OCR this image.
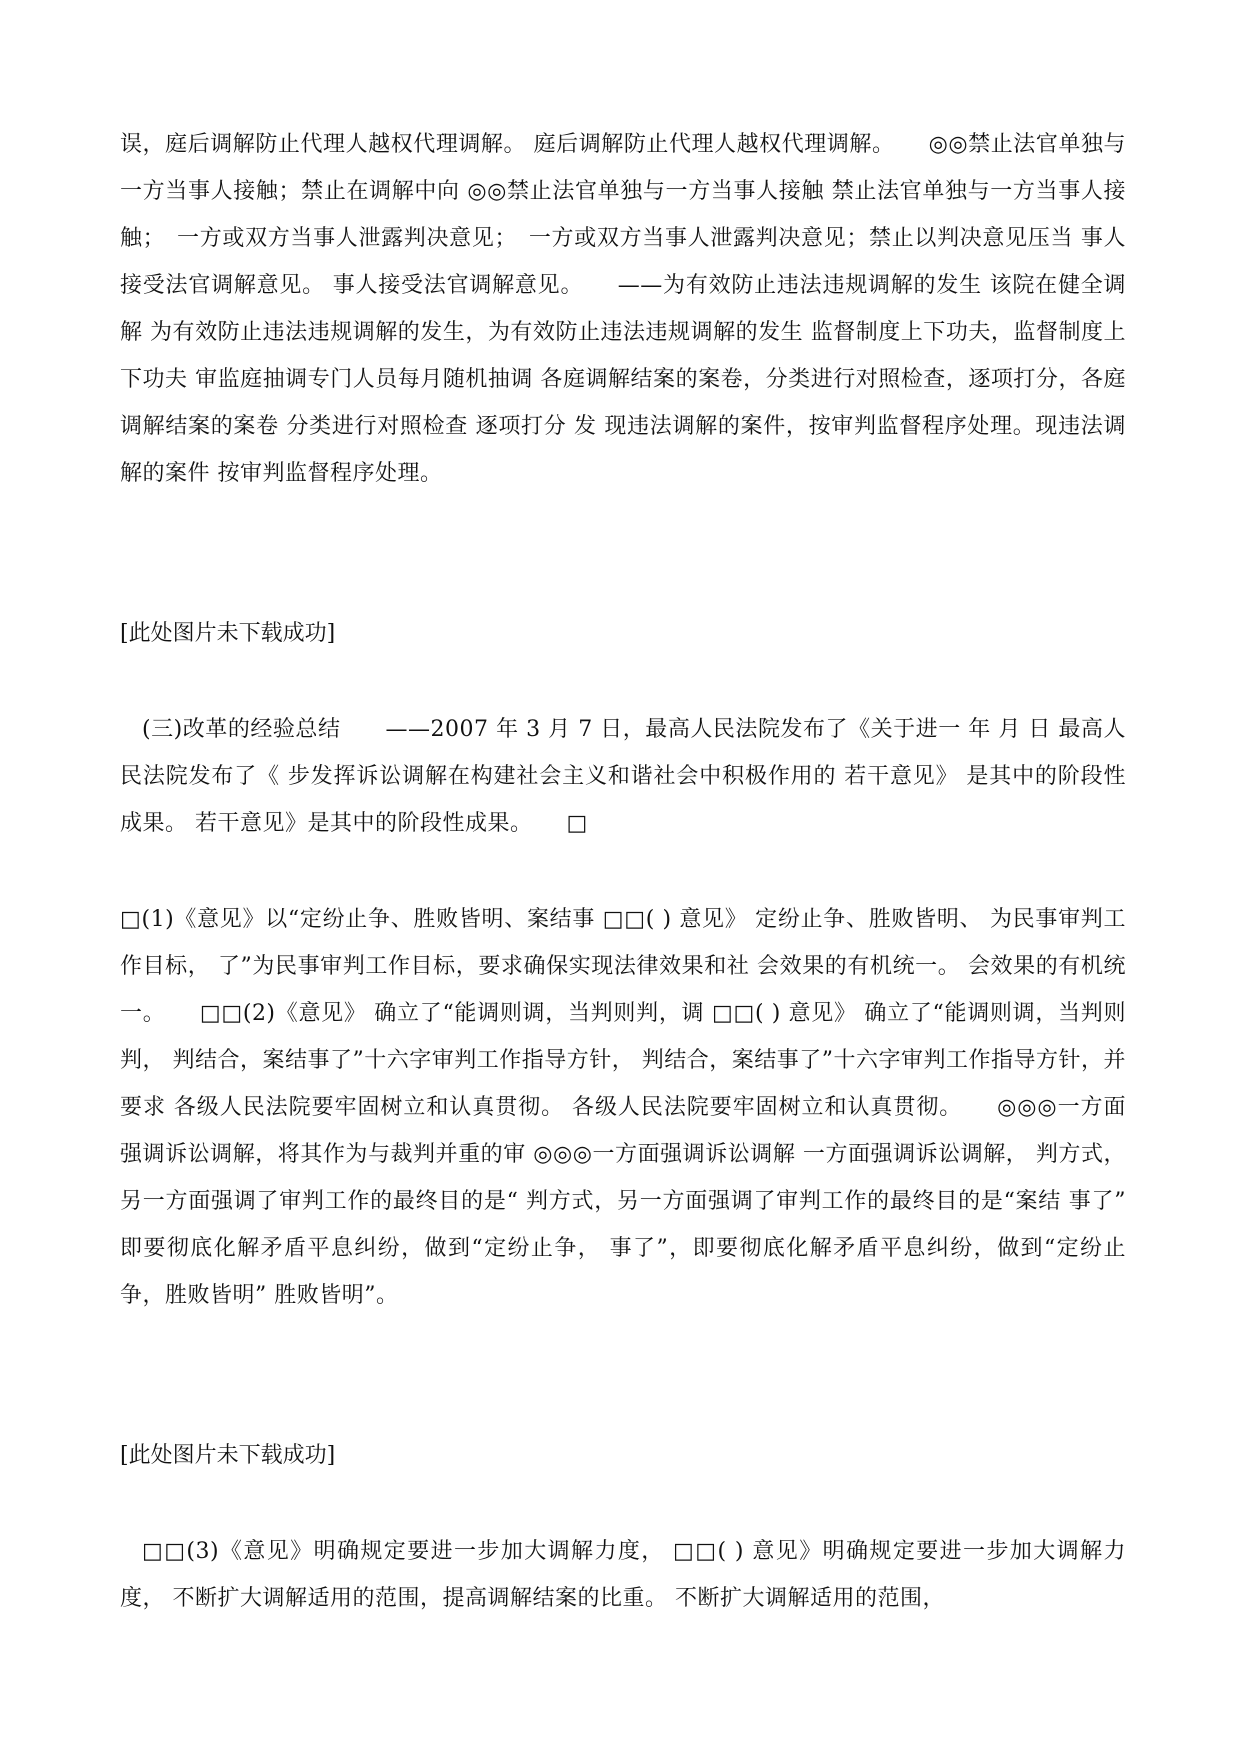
误，庭后调解防止代理人越权代理调解。 庭后调解防止代理人越权代理调解。　　◎◎禁止法官单独与一方当事人接触；禁止在调解中向 ◎◎禁止法官单独与一方当事人接触 禁止法官单独与一方当事人接触；　一方或双方当事人泄露判决意见；　一方或双方当事人泄露判决意见；禁止以判决意见压当 事人接受法官调解意见。 事人接受法官调解意见。　　——为有效防止违法违规调解的发生 该院在健全调解 为有效防止违法违规调解的发生，为有效防止违法违规调解的发生 监督制度上下功夫，监督制度上下功夫 审监庭抽调专门人员每月随机抽调 各庭调解结案的案卷，分类进行对照检查，逐项打分，各庭调解结案的案卷 分类进行对照检查 逐项打分 发 现违法调解的案件，按审判监督程序处理。现违法调解的案件 按审判监督程序处理。

[此处图片未下载成功]

(三)改革的经验总结　　——2007 年 3 月 7 日，最高人民法院发布了《关于进一 年 月 日 最高人民法院发布了《 步发挥诉讼调解在构建社会主义和谐社会中积极作用的 若干意见》 是其中的阶段性成果。 若干意见》是其中的阶段性成果。　　□

□(1)《意见》以“定纷止争、胜败皆明、案结事 □□( ) 意见》 定纷止争、胜败皆明、 为民事审判工作目标， 了”为民事审判工作目标，要求确保实现法律效果和社 会效果的有机统一。 会效果的有机统一。　　□□(2)《意见》 确立了“能调则调，当判则判，调 □□( ) 意见》 确立了“能调则调，当判则判， 判结合，案结事了”十六字审判工作指导方针， 判结合，案结事了”十六字审判工作指导方针，并要求 各级人民法院要牢固树立和认真贯彻。 各级人民法院要牢固树立和认真贯彻。　　◎◎◎一方面强调诉讼调解，将其作为与裁判并重的审 ◎◎◎一方面强调诉讼调解 一方面强调诉讼调解， 判方式，另一方面强调了审判工作的最终目的是“ 判方式，另一方面强调了审判工作的最终目的是“案结 事了” 即要彻底化解矛盾平息纠纷，做到“定纷止争， 事了”，即要彻底化解矛盾平息纠纷，做到“定纷止争，胜败皆明” 胜败皆明”。

[此处图片未下载成功]

□□(3)《意见》明确规定要进一步加大调解力度， □□( ) 意见》明确规定要进一步加大调解力度， 不断扩大调解适用的范围，提高调解结案的比重。 不断扩大调解适用的范围，
